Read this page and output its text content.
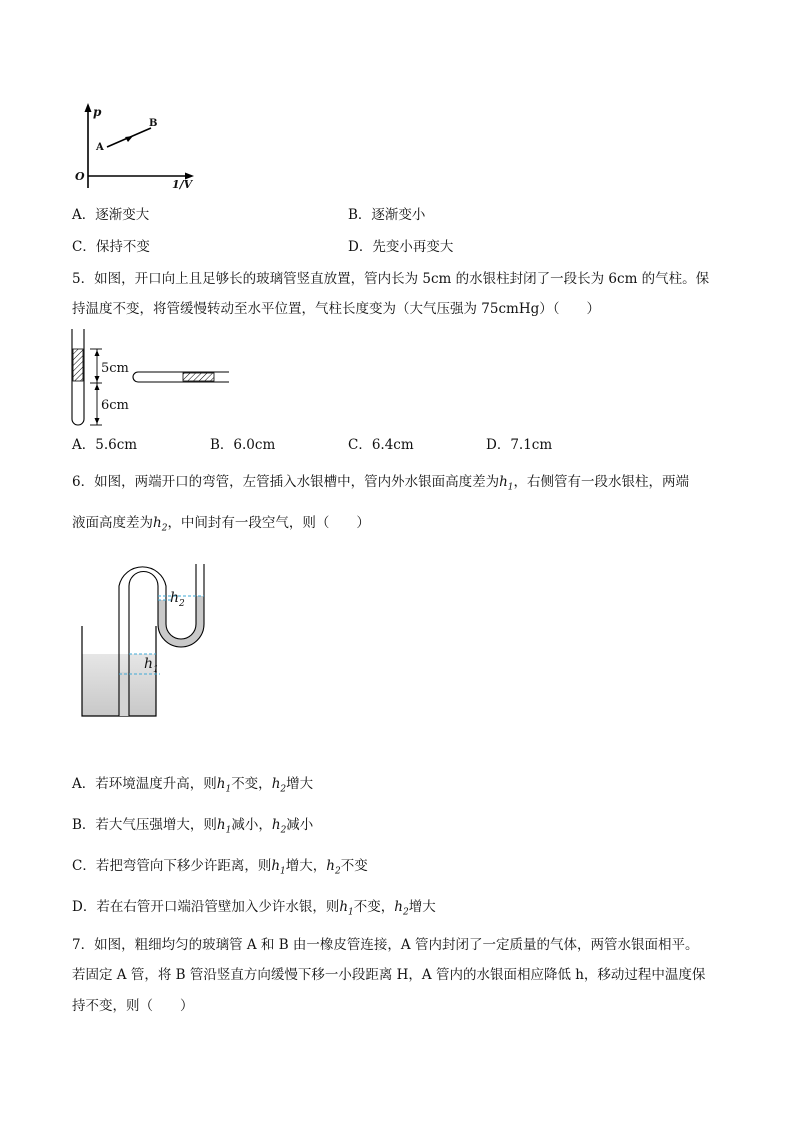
p
1/V
O
A
B
A．逐渐变大	B．逐渐变小
C．保持不变	D．先变小再变大
5．如图，开口向上且足够长的玻璃管竖直放置，管内长为 5cm 的水银柱封闭了一段长为 6cm 的气柱。保
持温度不变，将管缓慢转动至水平位置，气柱长度变为（大气压强为 75cmHg）（　　）
5cm
6cm
A．5.6cm	B．6.0cm	C．6.4cm	D．7.1cm
6．如图，两端开口的弯管，左管插入水银槽中，管内外水银面高度差为$h_1$，右侧管有一段水银柱，两端
液面高度差为$h_2$，中间封有一段空气，则（　　）
$h_2$
$h_1$
A．若环境温度升高，则$h_1$不变，$h_2$增大
B．若大气压强增大，则$h_1$减小，$h_2$减小
C．若把弯管向下移少许距离，则$h_1$增大，$h_2$不变
D．若在右管开口端沿管壁加入少许水银，则$h_1$不变，$h_2$增大
7．如图，粗细均匀的玻璃管 A 和 B 由一橡皮管连接，A 管内封闭了一定质量的气体，两管水银面相平。
若固定 A 管，将 B 管沿竖直方向缓慢下移一小段距离 H，A 管内的水银面相应降低 h，移动过程中温度保
持不变，则（　　）
